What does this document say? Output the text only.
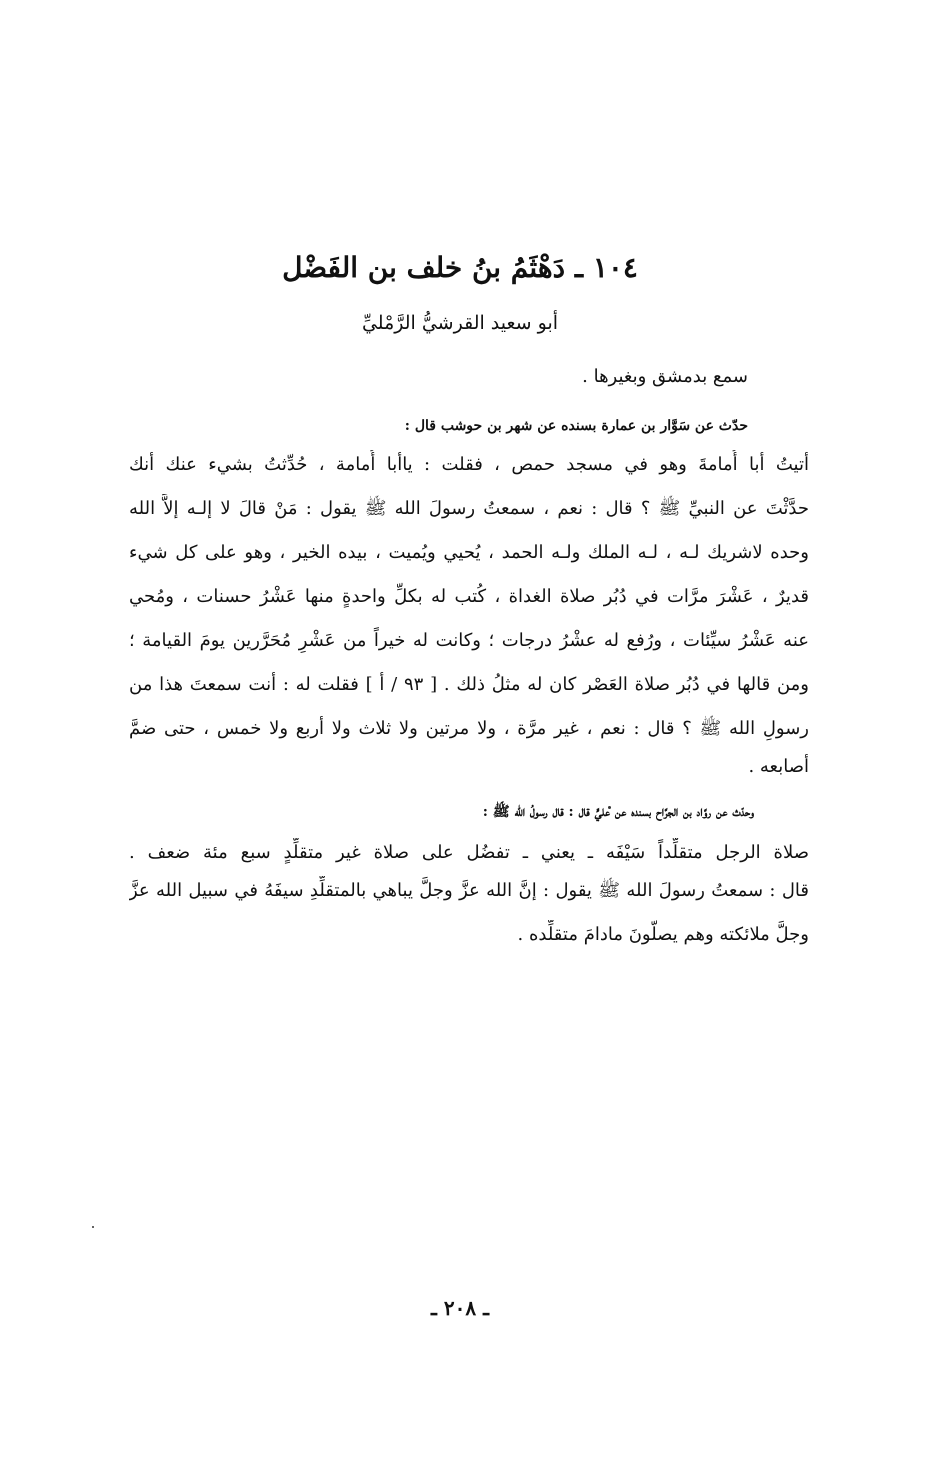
١٠٤ ـ دَهْثَمُ بنُ خلف بن الفَضْل
أبو سعيد القرشيُّ الرَّمْليِّ
سمع بدمشق وبغيرها .
حدّث عن سَوَّار بن عمارة بسنده عن شهر بن حوشب قال :
أتيتُ أبا أُمامةَ وهو في مسجد حمص ، فقلت : ياأبا أُمامة ، حُدِّثتُ بشيء عنك أنك
حدَّثْتَ عن النبيِّ ﷺ ؟ قال : نعم ، سمعتُ رسولَ الله ﷺ يقول : مَنْ قالَ لا إلـه إلاَّ الله
وحده لاشريك لـه ، لـه الملك ولـه الحمد ، يُحيي ويُميت ، بيده الخير ، وهو على كل شيء
قديرٌ ، عَشْرَ مرَّات في دُبُر صلاة الغداة ، كُتب له بكلِّ واحدةٍ منها عَشْرُ حسنات ، ومُحي
عنه عَشْرُ سيِّئات ، ورُفع له عشْرُ درجات ؛ وكانت له خيراً من عَشْرِ مُحَرَّرين يومَ القيامة ؛
ومن قالها في دُبُر صلاة العَصْر كان له مثلُ ذلك . [ ٩٣ / أ ] فقلت له : أنت سمعتَ هذا من
رسولِ الله ﷺ ؟ قال : نعم ، غير مرَّة ، ولا مرتين ولا ثلاث ولا أربع ولا خمس ، حتى ضمَّ
أصابعه .
وحدّث عن روَّاد بن الجرَّاح بسنده عن عليٍّ قال : قال رسولُ الله ﷺ :
صلاة الرجل متقلِّداً سَيْفَه ـ يعني ـ تفضُل على صلاة غير متقلِّدٍ سبع مئة ضعف .
قال : سمعتُ رسولَ الله ﷺ يقول : إنَّ الله عزَّ وجلَّ يباهي بالمتقلِّدِ سيفَهُ في سبيل الله عزَّ
وجلَّ ملائكته وهم يصلُّونَ مادامَ متقلِّده .
ـ ٢٠٨ ـ
